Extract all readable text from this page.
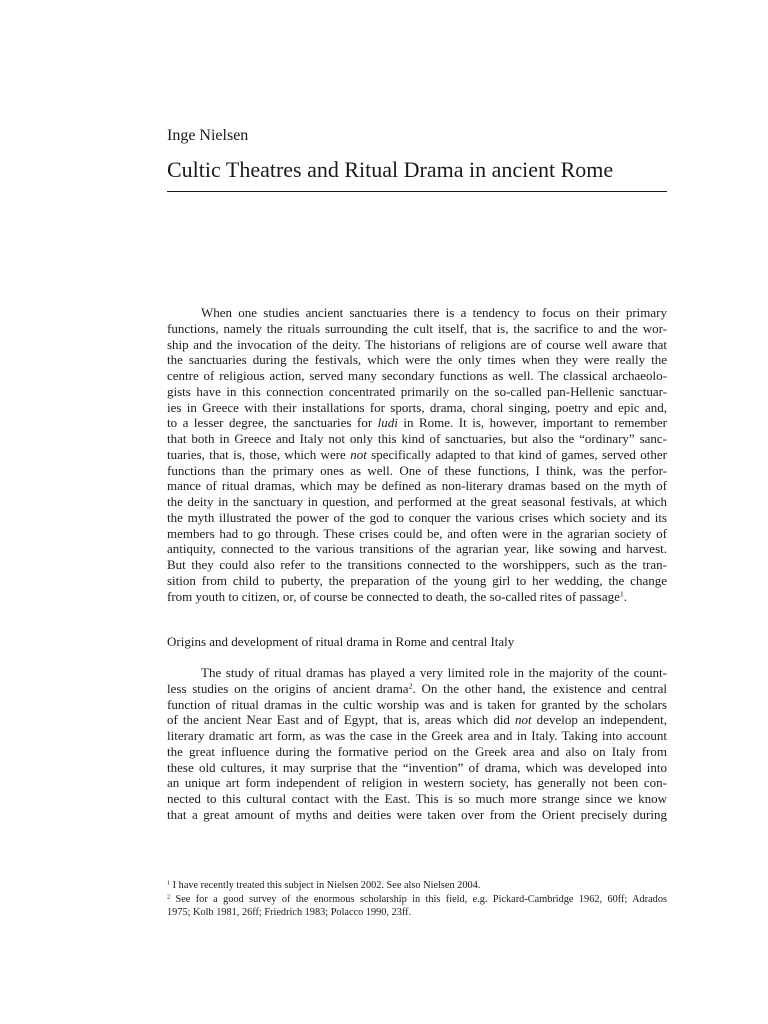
Inge Nielsen

Cultic Theatres and Ritual Drama in ancient Rome
When one studies ancient sanctuaries there is a tendency to focus on their primary
functions, namely the rituals surrounding the cult itself, that is, the sacrifice to and the wor-
ship and the invocation of the deity. The historians of religions are of course well aware that
the sanctuaries during the festivals, which were the only times when they were really the
centre of religious action, served many secondary functions as well. The classical archaeolo-
gists have in this connection concentrated primarily on the so-called pan-Hellenic sanctuar-
ies in Greece with their installations for sports, drama, choral singing, poetry and epic and,
to a lesser degree, the sanctuaries for ludi in Rome. It is, however, important to remember
that both in Greece and Italy not only this kind of sanctuaries, but also the “ordinary” sanc-
tuaries, that is, those, which were not specifically adapted to that kind of games, served other
functions than the primary ones as well. One of these functions, I think, was the perfor-
mance of ritual dramas, which may be defined as non-literary dramas based on the myth of
the deity in the sanctuary in question, and performed at the great seasonal festivals, at which
the myth illustrated the power of the god to conquer the various crises which society and its
members had to go through. These crises could be, and often were in the agrarian society of
antiquity, connected to the various transitions of the agrarian year, like sowing and harvest.
But they could also refer to the transitions connected to the worshippers, such as the tran-
sition from child to puberty, the preparation of the young girl to her wedding, the change
from youth to citizen, or, of course be connected to death, the so-called rites of passage$^1$.
Origins and development of ritual drama in Rome and central Italy
The study of ritual dramas has played a very limited role in the majority of the count-
less studies on the origins of ancient drama$^2$. On the other hand, the existence and central
function of ritual dramas in the cultic worship was and is taken for granted by the scholars
of the ancient Near East and of Egypt, that is, areas which did not develop an independent,
literary dramatic art form, as was the case in the Greek area and in Italy. Taking into account
the great influence during the formative period on the Greek area and also on Italy from
these old cultures, it may surprise that the “invention” of drama, which was developed into
an unique art form independent of religion in western society, has generally not been con-
nected to this cultural contact with the East. This is so much more strange since we know
that a great amount of myths and deities were taken over from the Orient precisely during
$^1$ I have recently treated this subject in Nielsen 2002. See also Nielsen 2004.
$^2$ See for a good survey of the enormous scholarship in this field, e.g. Pickard-Cambridge 1962, 60ff; Adrados
1975; Kolb 1981, 26ff; Friedrich 1983; Polacco 1990, 23ff.
